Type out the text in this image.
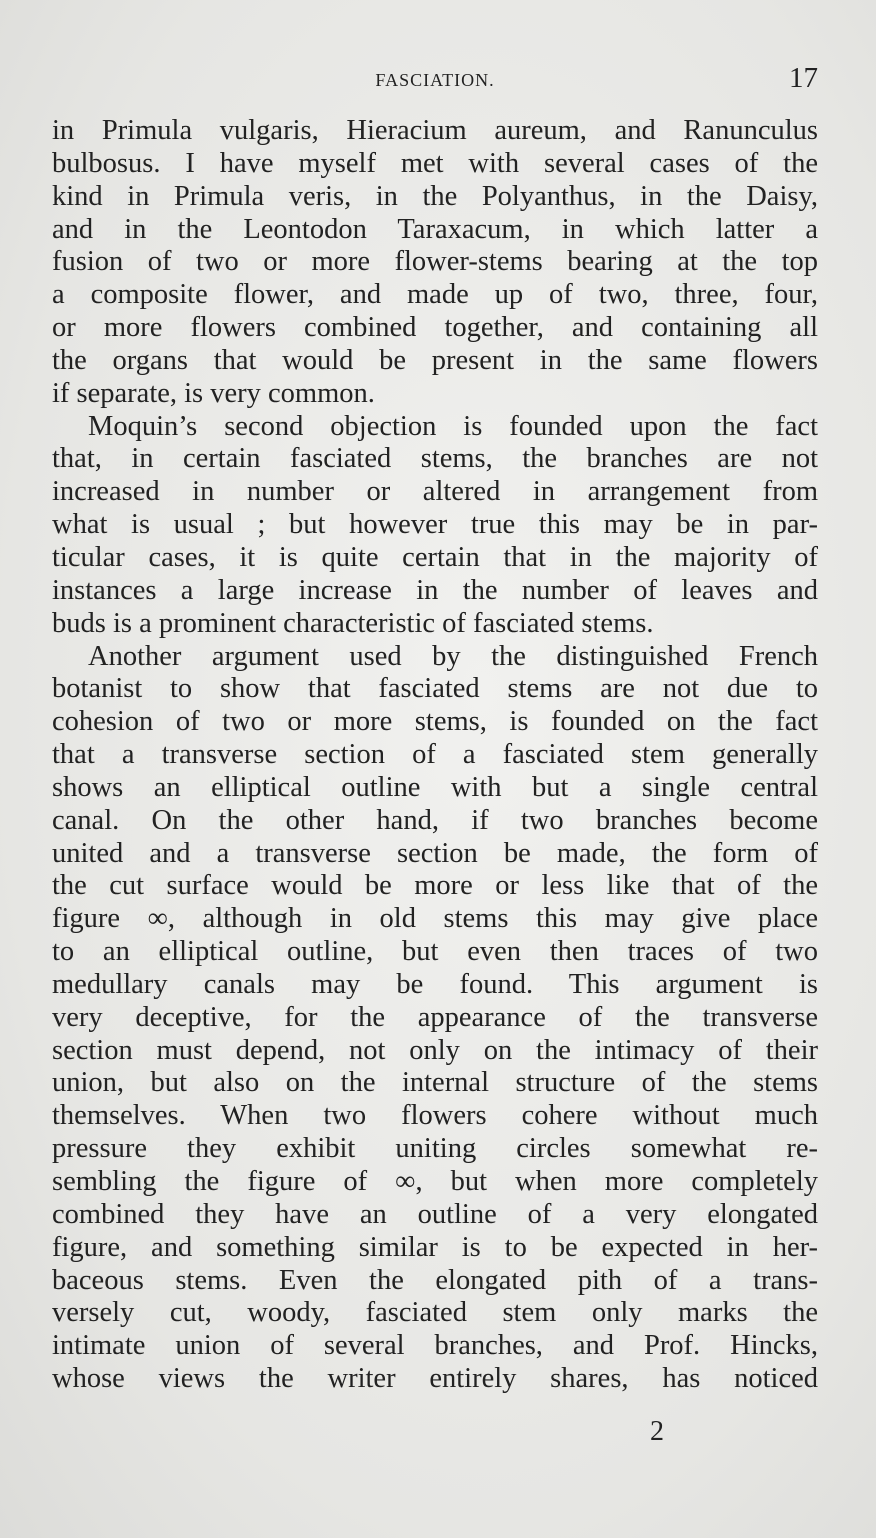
FASCIATION.	17
in Primula vulgaris, Hieracium aureum, and Ranunculus
bulbosus. I have myself met with several cases of the
kind in Primula veris, in the Polyanthus, in the Daisy,
and in the Leontodon Taraxacum, in which latter a
fusion of two or more flower-stems bearing at the top
a composite flower, and made up of two, three, four,
or more flowers combined together, and containing all
the organs that would be present in the same flowers
if separate, is very common.
Moquin’s second objection is founded upon the fact
that, in certain fasciated stems, the branches are not
increased in number or altered in arrangement from
what is usual ; but however true this may be in par-
ticular cases, it is quite certain that in the majority of
instances a large increase in the number of leaves and
buds is a prominent characteristic of fasciated stems.
Another argument used by the distinguished French
botanist to show that fasciated stems are not due to
cohesion of two or more stems, is founded on the fact
that a transverse section of a fasciated stem generally
shows an elliptical outline with but a single central
canal. On the other hand, if two branches become
united and a transverse section be made, the form of
the cut surface would be more or less like that of the
figure ∞, although in old stems this may give place
to an elliptical outline, but even then traces of two
medullary canals may be found. This argument is
very deceptive, for the appearance of the transverse
section must depend, not only on the intimacy of their
union, but also on the internal structure of the stems
themselves. When two flowers cohere without much
pressure they exhibit uniting circles somewhat re-
sembling the figure of ∞, but when more completely
combined they have an outline of a very elongated
figure, and something similar is to be expected in her-
baceous stems. Even the elongated pith of a trans-
versely cut, woody, fasciated stem only marks the
intimate union of several branches, and Prof. Hincks,
whose views the writer entirely shares, has noticed
2
